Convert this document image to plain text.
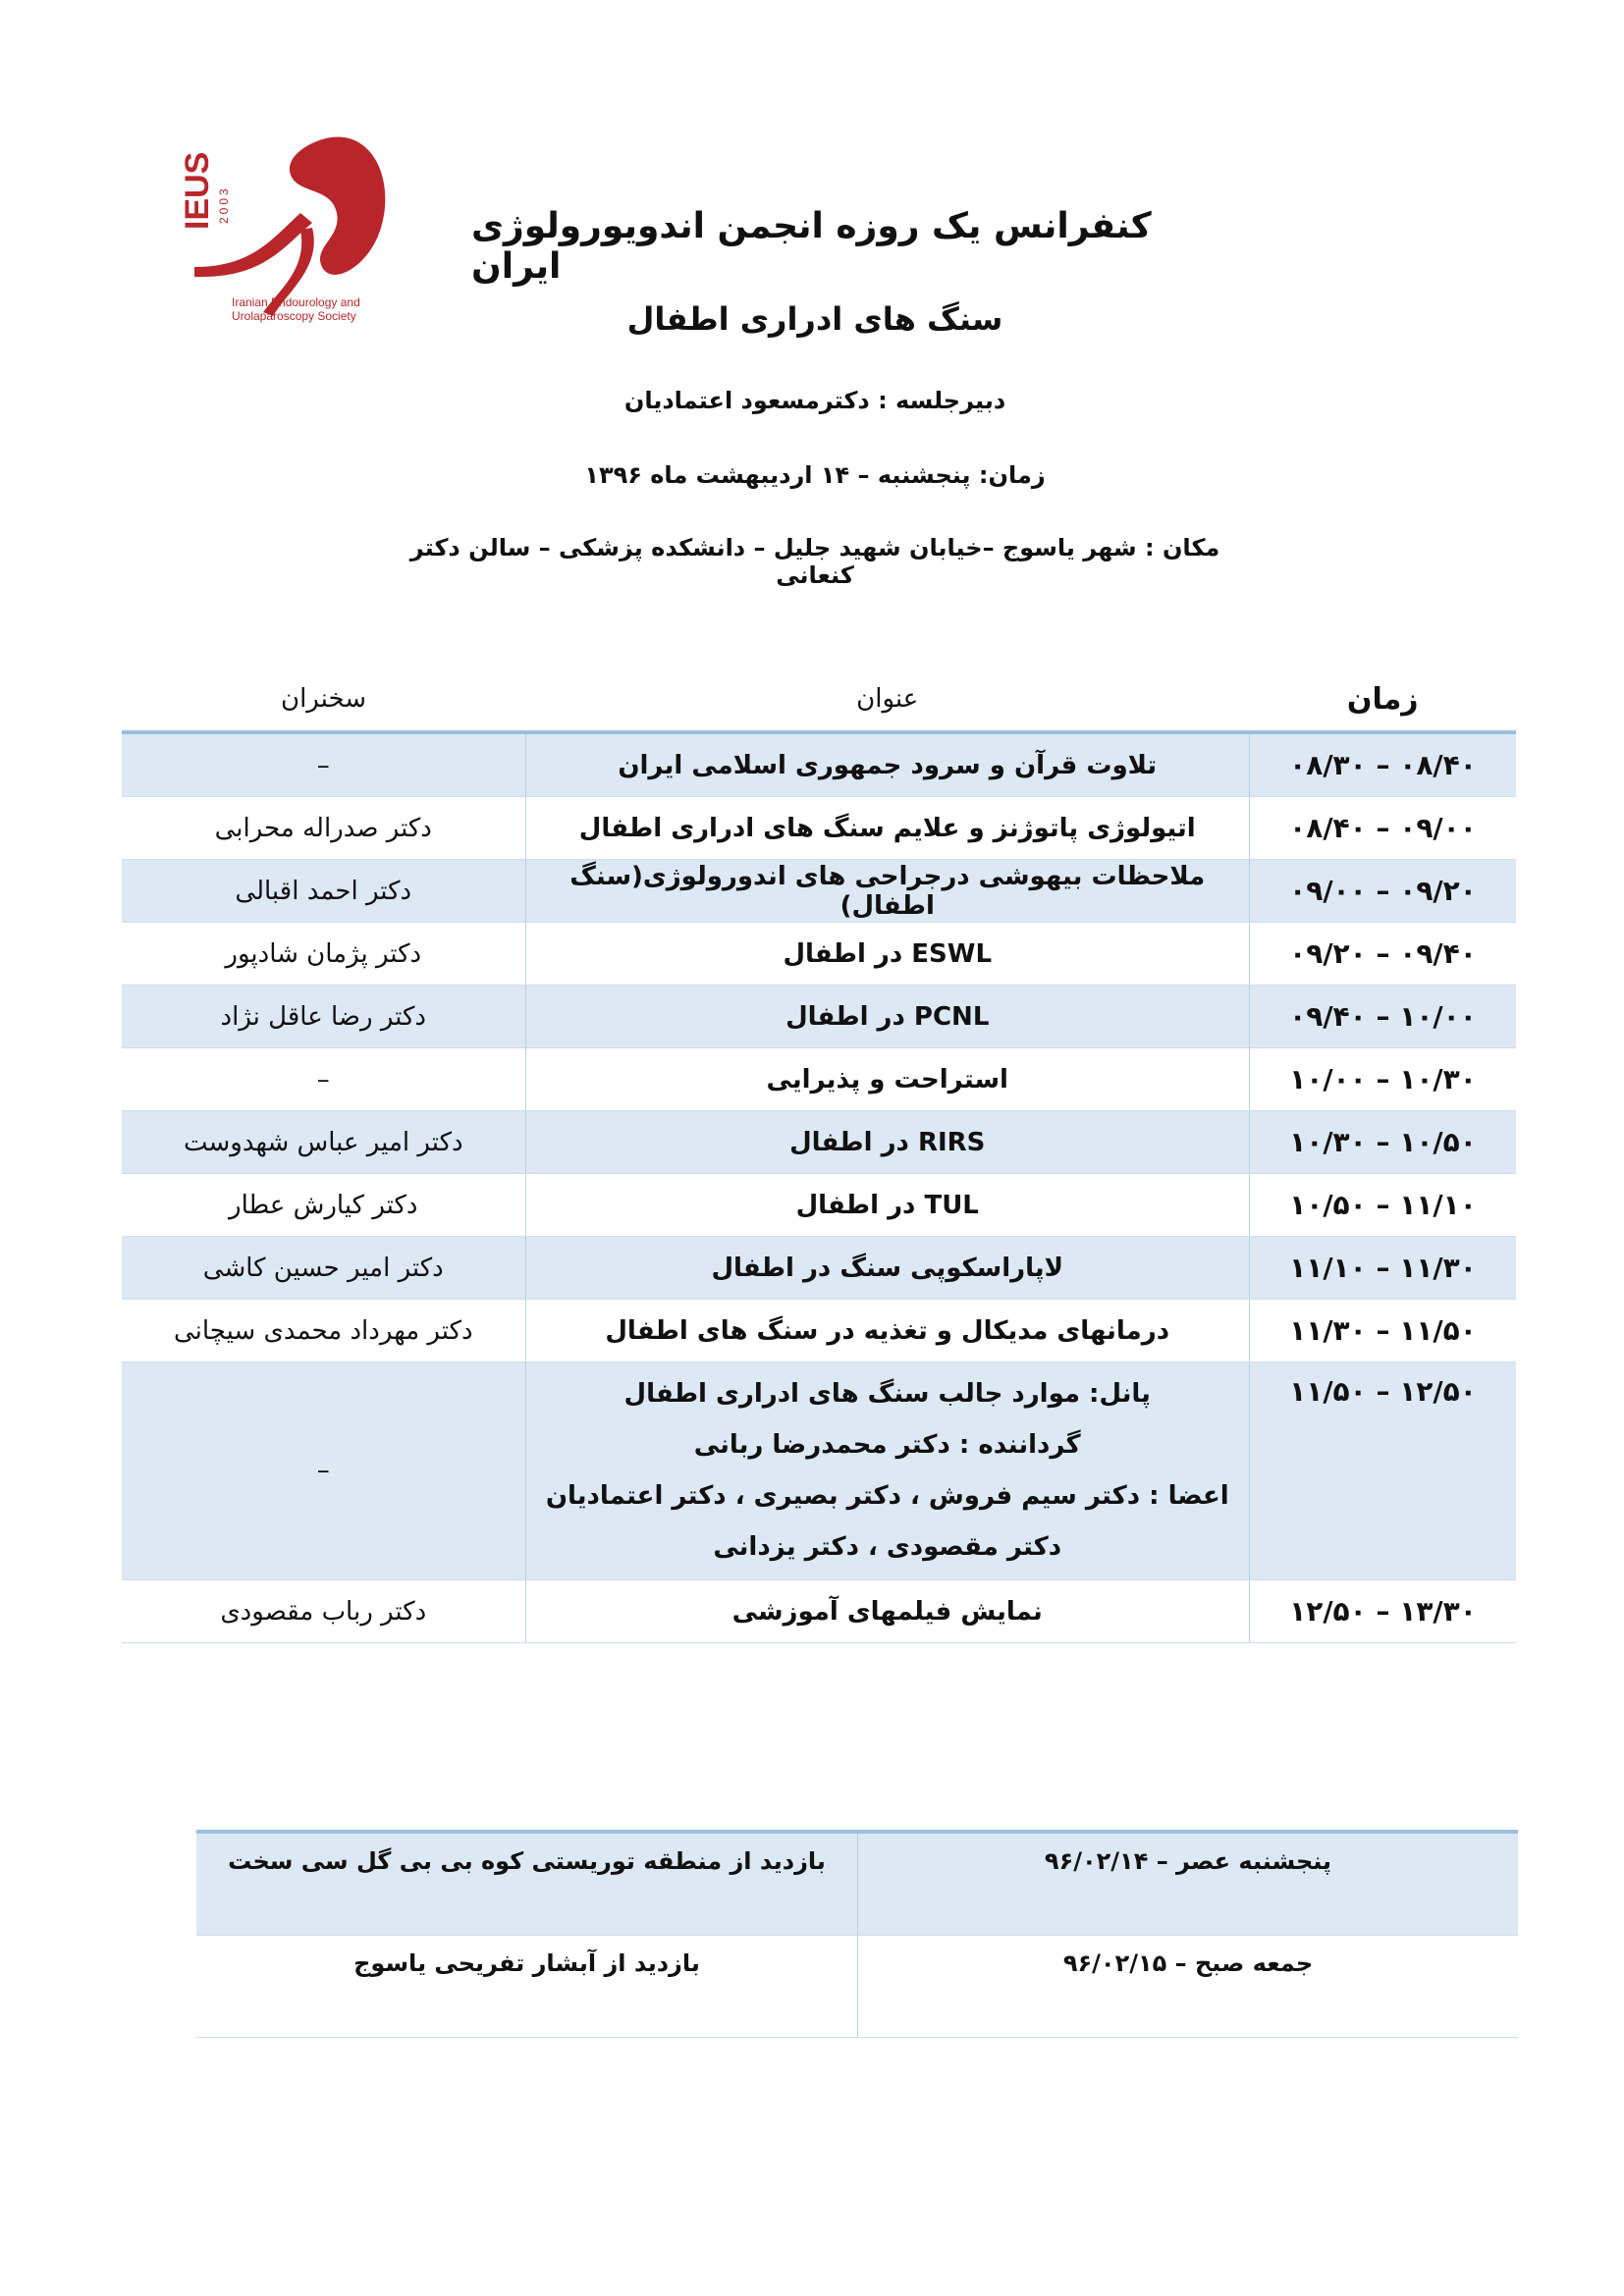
IEUS 2003
Iranian Endourology and
Urolaparoscopy Society
کنفرانس یک روزه انجمن اندویورولوژی ایران
سنگ های ادراری اطفال
دبیرجلسه : دکترمسعود اعتمادیان
زمان: پنجشنبه – ۱۴ اردیبهشت ماه ۱۳۹۶
مکان : شهر یاسوج –خیابان شهید جلیل – دانشکده پزشکی – سالن دکتر کنعانی
زمان	عنوان	سخنران
۰۸/۳۰ – ۰۸/۴۰	تلاوت قرآن و سرود جمهوری اسلامی ایران	–
۰۸/۴۰ – ۰۹/۰۰	اتیولوژی پاتوژنز و علایم سنگ های ادراری اطفال	دکتر صدراله محرابی
۰۹/۰۰ – ۰۹/۲۰	ملاحظات بیهوشی درجراحی های اندورولوژی(سنگ اطفال)	دکتر احمد اقبالی
۰۹/۲۰ – ۰۹/۴۰	ESWL در اطفال	دکتر پژمان شادپور
۰۹/۴۰ – ۱۰/۰۰	PCNL در اطفال	دکتر رضا عاقل نژاد
۱۰/۰۰ – ۱۰/۳۰	استراحت و پذیرایی	–
۱۰/۳۰ – ۱۰/۵۰	RIRS در اطفال	دکتر امیر عباس شهدوست
۱۰/۵۰ – ۱۱/۱۰	TUL در اطفال	دکتر کیارش عطار
۱۱/۱۰ – ۱۱/۳۰	لاپاراسکوپی سنگ در اطفال	دکتر امیر حسین کاشی
۱۱/۳۰ – ۱۱/۵۰	درمانهای مدیکال و تغذیه در سنگ های اطفال	دکتر مهرداد محمدی سیچانی
۱۱/۵۰ – ۱۲/۵۰	پانل: موارد جالب سنگ های ادراری اطفال
گرداننده : دکتر محمدرضا ربانی
اعضا : دکتر سیم فروش ، دکتر بصیری ، دکتر اعتمادیان
دکتر مقصودی ، دکتر یزدانی	–
۱۲/۵۰ – ۱۳/۳۰	نمایش فیلمهای آموزشی	دکتر رباب مقصودی
پنجشنبه عصر – ۹۶/۰۲/۱۴	بازدید از منطقه توریستی کوه بی بی گل سی سخت
جمعه صبح – ۹۶/۰۲/۱۵	بازدید از آبشار تفریحی یاسوج
